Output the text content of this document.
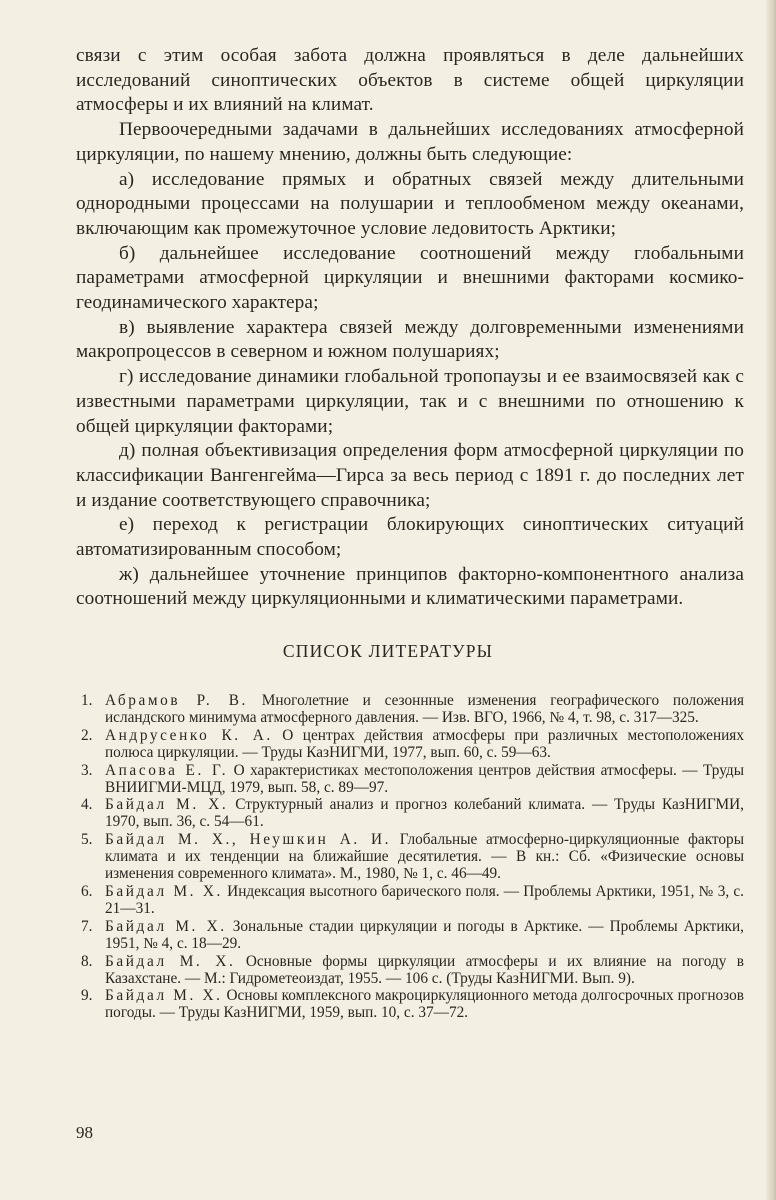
связи с этим особая забота должна проявляться в деле дальнейших исследований синоптических объектов в системе общей циркуляции атмосферы и их влияний на климат.

Первоочередными задачами в дальнейших исследованиях атмосферной циркуляции, по нашему мнению, должны быть следующие:

а) исследование прямых и обратных связей между длительными однородными процессами на полушарии и теплообменом между океанами, включающим как промежуточное условие ледовитость Арктики;

б) дальнейшее исследование соотношений между глобальными параметрами атмосферной циркуляции и внешними факторами космико-геодинамического характера;

в) выявление характера связей между долговременными изменениями макропроцессов в северном и южном полушариях;

г) исследование динамики глобальной тропопаузы и ее взаимосвязей как с известными параметрами циркуляции, так и с внешними по отношению к общей циркуляции факторами;

д) полная объективизация определения форм атмосферной циркуляции по классификации Вангенгейма—Гирса за весь период с 1891 г. до последних лет и издание соответствующего справочника;

е) переход к регистрации блокирующих синоптических ситуаций автоматизированным способом;

ж) дальнейшее уточнение принципов факторно-компонентного анализа соотношений между циркуляционными и климатическими параметрами.

СПИСОК ЛИТЕРАТУРЫ
1. Абрамов Р. В. Многолетние и сезоннные изменения географического положения исландского минимума атмосферного давления. — Изв. ВГО, 1966, № 4, т. 98, с. 317—325.
2. Андрусенко К. А. О центрах действия атмосферы при различных местоположениях полюса циркуляции. — Труды КазНИГМИ, 1977, вып. 60, с. 59—63.
3. Апасова Е. Г. О характеристиках местоположения центров действия атмосферы. — Труды ВНИИГМИ-МЦД, 1979, вып. 58, с. 89—97.
4. Байдал М. Х. Структурный анализ и прогноз колебаний климата. — Труды КазНИГМИ, 1970, вып. 36, с. 54—61.
5. Байдал М. Х., Неушкин А. И. Глобальные атмосферно-циркуляционные факторы климата и их тенденции на ближайшие десятилетия. — В кн.: Сб. «Физические основы изменения современного климата». М., 1980, № 1, с. 46—49.
6. Байдал М. Х. Индексация высотного барического поля. — Проблемы Арктики, 1951, № 3, с. 21—31.
7. Байдал М. Х. Зональные стадии циркуляции и погоды в Арктике. — Проблемы Арктики, 1951, № 4, с. 18—29.
8. Байдал М. Х. Основные формы циркуляции атмосферы и их влияние на погоду в Казахстане. — М.: Гидрометеоиздат, 1955. — 106 с. (Труды КазНИГМИ. Вып. 9).
9. Байдал М. Х. Основы комплексного макроциркуляционного метода долгосрочных прогнозов погоды. — Труды КазНИГМИ, 1959, вып. 10, с. 37—72.
98
